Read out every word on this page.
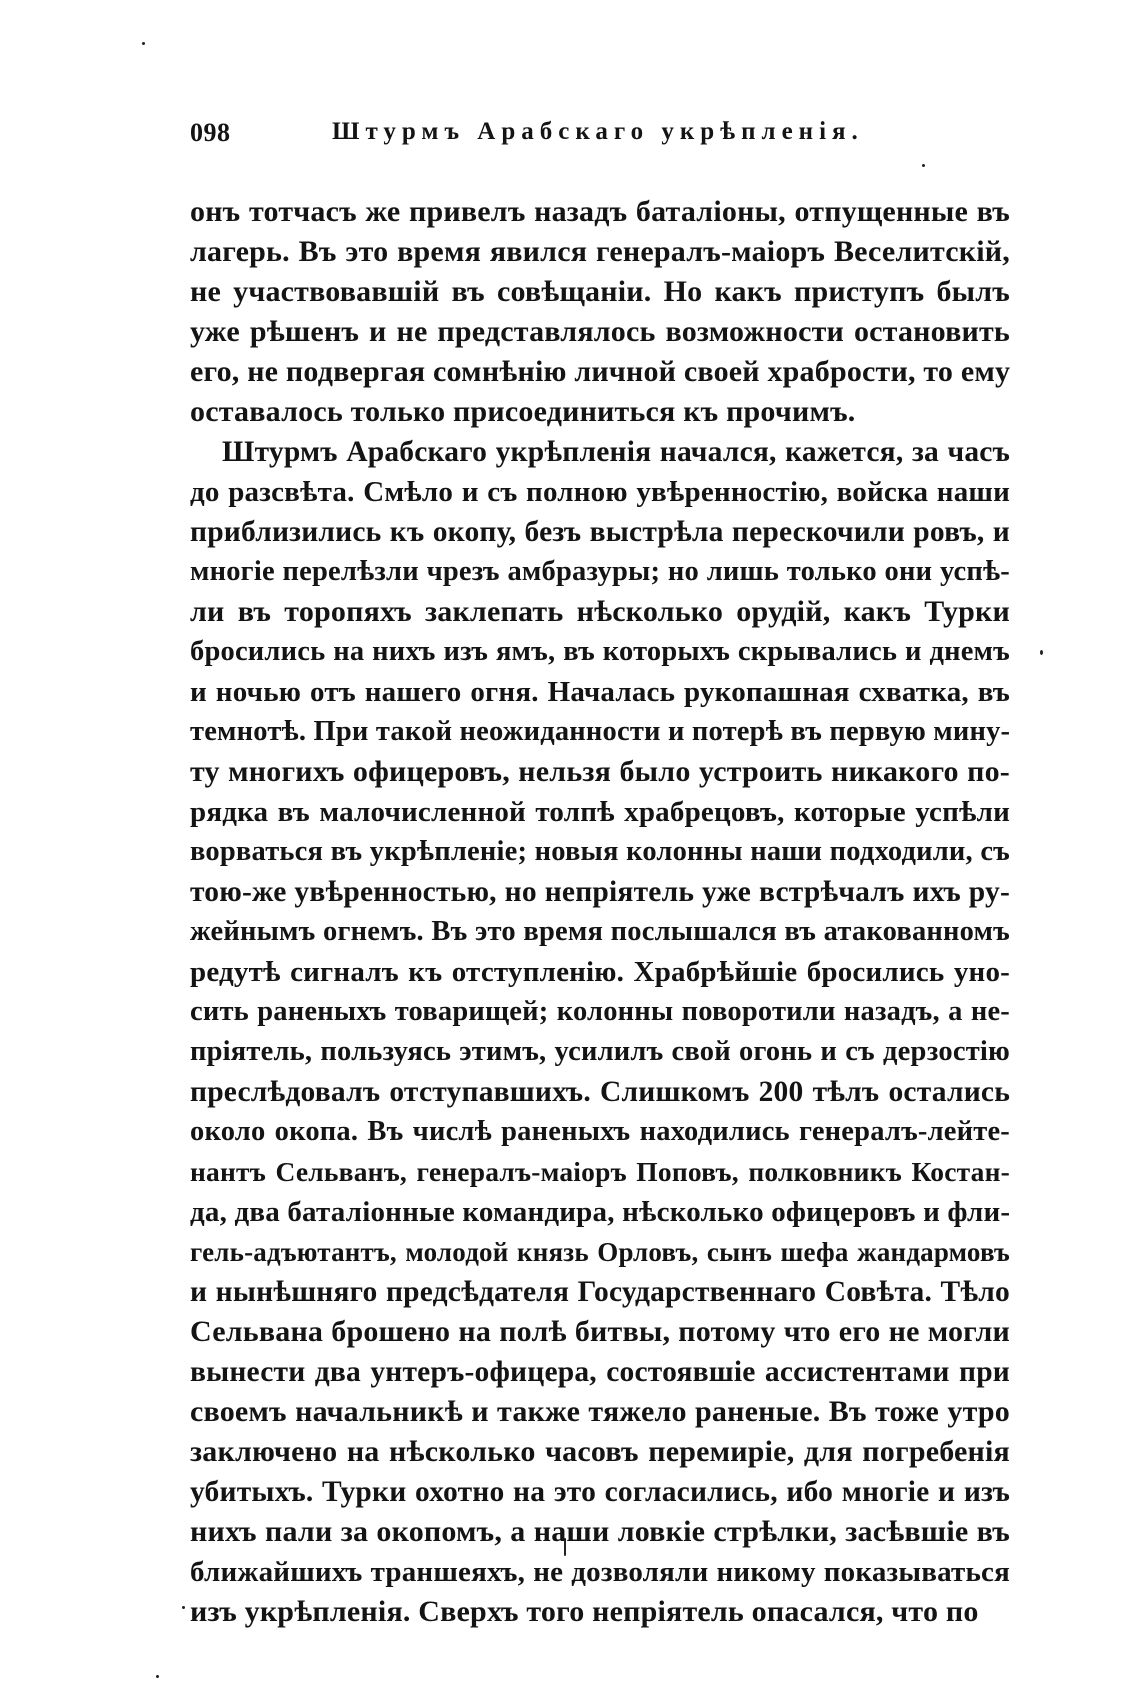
098	Штурмъ Арабскаго укрѣпленія.
онъ тотчасъ же привелъ назадъ баталіоны, отпущенные въ
лагерь. Въ это время явился генералъ-маіоръ Веселитскій,
не участвовавшій въ совѣщаніи. Но какъ приступъ былъ
уже рѣшенъ и не представлялось возможности остановить
его, не подвергая сомнѣнію личной своей храбрости, то ему
оставалось только присоединиться къ прочимъ.
Штурмъ Арабскаго укрѣпленія начался, кажется, за часъ
до разсвѣта. Смѣло и съ полною увѣренностію, войска наши
приблизились къ окопу, безъ выстрѣла перескочили ровъ, и
многіе перелѣзли чрезъ амбразуры; но лишь только они успѣ-
ли въ торопяхъ заклепать нѣсколько орудій, какъ Турки
бросились на нихъ изъ ямъ, въ которыхъ скрывались и днемъ
и ночью отъ нашего огня. Началась рукопашная схватка, въ
темнотѣ. При такой неожиданности и потерѣ въ первую мину-
ту многихъ офицеровъ, нельзя было устроить никакого по-
рядка въ малочисленной толпѣ храбрецовъ, которые успѣли
ворваться въ укрѣпленіе; новыя колонны наши подходили, съ
тою-же увѣренностью, но непріятель уже встрѣчалъ ихъ ру-
жейнымъ огнемъ. Въ это время послышался въ атакованномъ
редутѣ сигналъ къ отступленію. Храбрѣйшіе бросились уно-
сить раненыхъ товарищей; колонны поворотили назадъ, а не-
пріятель, пользуясь этимъ, усилилъ свой огонь и съ дерзостію
преслѣдовалъ отступавшихъ. Слишкомъ 200 тѣлъ остались
около окопа. Въ числѣ раненыхъ находились генералъ-лейте-
нантъ Сельванъ, генералъ-маіоръ Поповъ, полковникъ Костан-
да, два баталіонные командира, нѣсколько офицеровъ и фли-
гель-адъютантъ, молодой князь Орловъ, сынъ шефа жандармовъ
и нынѣшняго предсѣдателя Государственнаго Совѣта. Тѣло
Сельвана брошено на полѣ битвы, потому что его не могли
вынести два унтеръ-офицера, состоявшіе ассистентами при
своемъ начальникѣ и также тяжело раненые. Въ тоже утро
заключено на нѣсколько часовъ перемиріе, для погребенія
убитыхъ. Турки охотно на это согласились, ибо многіе и изъ
нихъ пали за окопомъ, а наши ловкіе стрѣлки, засѣвшіе въ
ближайшихъ траншеяхъ, не дозволяли никому показываться
изъ укрѣпленія. Сверхъ того непріятель опасался, что по
